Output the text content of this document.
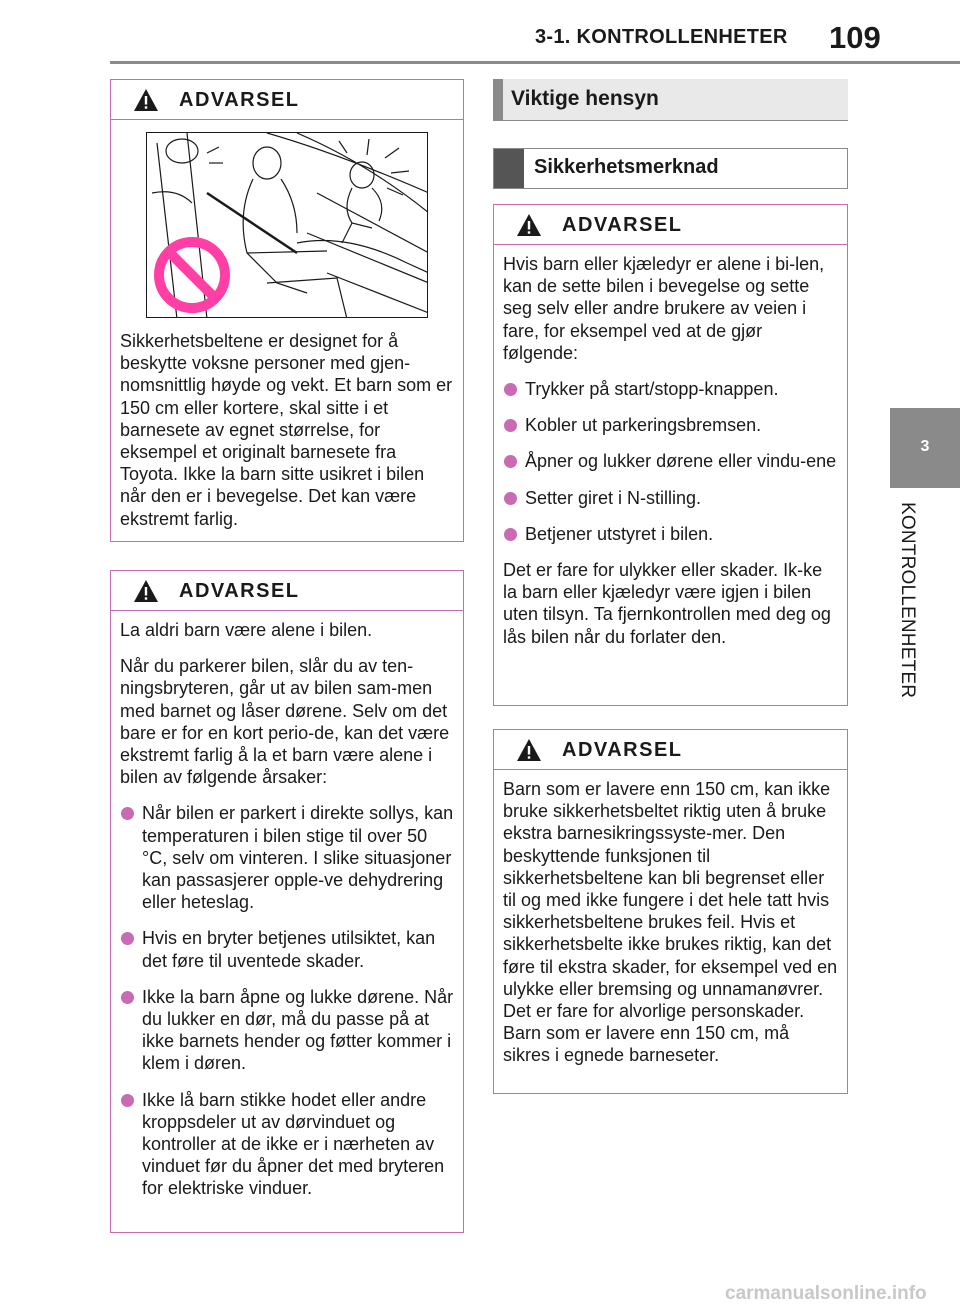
3-1. KONTROLLENHETER 109
3
KONTROLLENHETER
ADVARSEL

Sikkerhetsbeltene er designet for å beskytte voksne personer med gjen-nomsnittlig høyde og vekt. Et barn som er 150 cm eller kortere, skal sitte i et barnesete av egnet størrelse, for eksempel et originalt barnesete fra Toyota. Ikke la barn sitte usikret i bilen når den er i bevegelse. Det kan være ekstremt farlig.

ADVARSEL

La aldri barn være alene i bilen.

Når du parkerer bilen, slår du av ten-ningsbryteren, går ut av bilen sam-men med barnet og låser dørene. Selv om det bare er for en kort perio-de, kan det være ekstremt farlig å la et barn være alene i bilen av følgende årsaker:

Når bilen er parkert i direkte sollys, kan temperaturen i bilen stige til over 50 °C, selv om vinteren. I slike situasjoner kan passasjerer opple-ve dehydrering eller heteslag.
Hvis en bryter betjenes utilsiktet, kan det føre til uventede skader.
Ikke la barn åpne og lukke dørene. Når du lukker en dør, må du passe på at ikke barnets hender og føtter kommer i klem i døren.
Ikke lå barn stikke hodet eller andre kroppsdeler ut av dørvinduet og kontroller at de ikke er i nærheten av vinduet før du åpner det med bryteren for elektriske vinduer.
Viktige hensyn
Sikkerhetsmerknad
ADVARSEL

Hvis barn eller kjæledyr er alene i bi-len, kan de sette bilen i bevegelse og sette seg selv eller andre brukere av veien i fare, for eksempel ved at de gjør følgende:

Trykker på start/stopp-knappen.
Kobler ut parkeringsbremsen.
Åpner og lukker dørene eller vindu-ene
Setter giret i N-stilling.
Betjener utstyret i bilen.

Det er fare for ulykker eller skader. Ik-ke la barn eller kjæledyr være igjen i bilen uten tilsyn. Ta fjernkontrollen med deg og lås bilen når du forlater den.

ADVARSEL

Barn som er lavere enn 150 cm, kan ikke bruke sikkerhetsbeltet riktig uten å bruke ekstra barnesikringssyste-mer. Den beskyttende funksjonen til sikkerhetsbeltene kan bli begrenset eller til og med ikke fungere i det hele tatt hvis sikkerhetsbeltene brukes feil. Hvis et sikkerhetsbelte ikke brukes riktig, kan det føre til ekstra skader, for eksempel ved en ulykke eller bremsing og unnamanøvrer. Det er fare for alvorlige personskader. Barn som er lavere enn 150 cm, må sikres i egnede barneseter.

carmanualsonline.info
